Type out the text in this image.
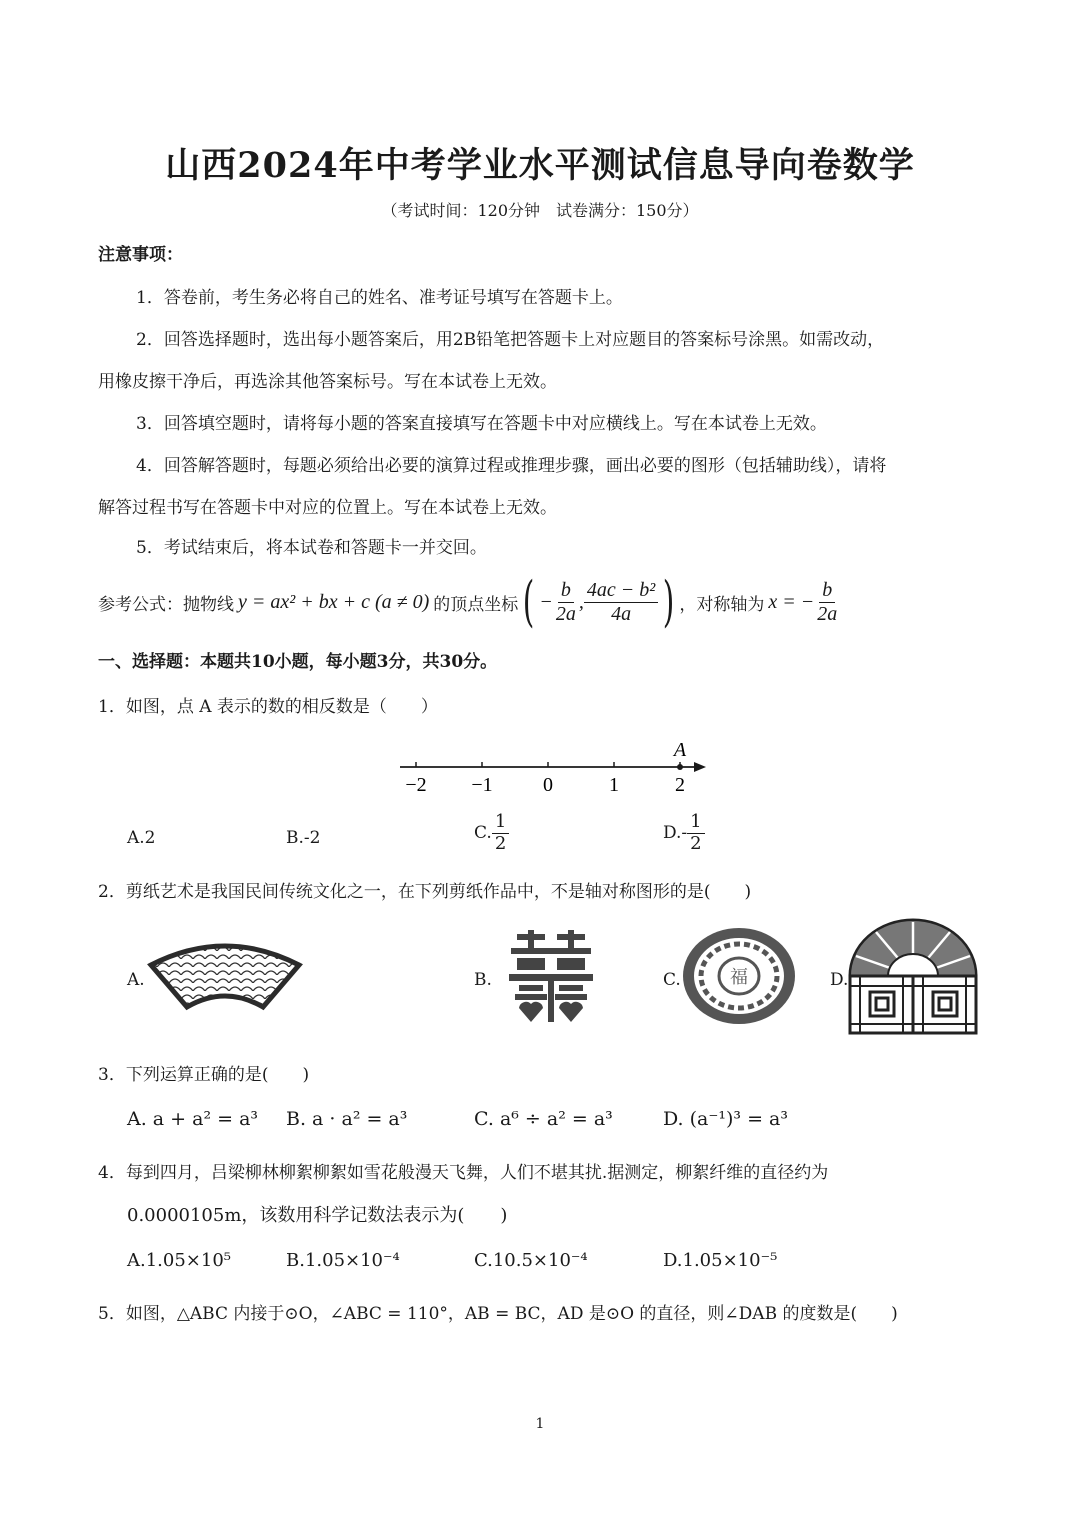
山西2024年中考学业水平测试信息导向卷数学
（考试时间：120分钟　试卷满分：150分）
注意事项：
1．答卷前，考生务必将自己的姓名、准考证号填写在答题卡上。
2．回答选择题时，选出每小题答案后，用2B铅笔把答题卡上对应题目的答案标号涂黑。如需改动，
用橡皮擦干净后，再选涂其他答案标号。写在本试卷上无效。
3．回答填空题时，请将每小题的答案直接填写在答题卡中对应横线上。写在本试卷上无效。
4．回答解答题时，每题必须给出必要的演算过程或推理步骤，画出必要的图形（包括辅助线），请将
解答过程书写在答题卡中对应的位置上。写在本试卷上无效。
5．考试结束后，将本试卷和答题卡一并交回。
参考公式：抛物线 y = ax² + bx + c (a ≠ 0) 的顶点坐标 ( − $\frac{b}{2a}$ , $\frac{\text{4ac − b²}}{4a}$ ) ，对称轴为 x = − $\frac{b}{2a}$
一、选择题：本题共10小题，每小题3分，共30分。
1．如图，点 A 表示的数的相反数是（　　）
−2 −1	0	1	2
A
A.2	B.-2	C. $\frac{1}{2}$	$D.- \frac{1}{2}$
2．剪纸艺术是我国民间传统文化之一，在下列剪纸作品中，不是轴对称图形的是(　　)
A.	B.	C.	福	D.
3．下列运算正确的是(　　)
A. a + a² = a³ B. a · a² = a³	C. a⁶ ÷ a² = a³	D. (a⁻¹)³ = a³
4．每到四月，吕梁柳林柳絮柳絮如雪花般漫天飞舞，人们不堪其扰.据测定，柳絮纤维的直径约为
0.0000105m，该数用科学记数法表示为(　　)
A.1.05×10⁵	B.1.05×10⁻⁴	C.10.5×10⁻⁴	D.1.05×10⁻⁵
5．如图，△ABC 内接于⊙O，∠ABC = 110°，AB = BC，AD 是⊙O 的直径，则∠DAB 的度数是(　　)
1
